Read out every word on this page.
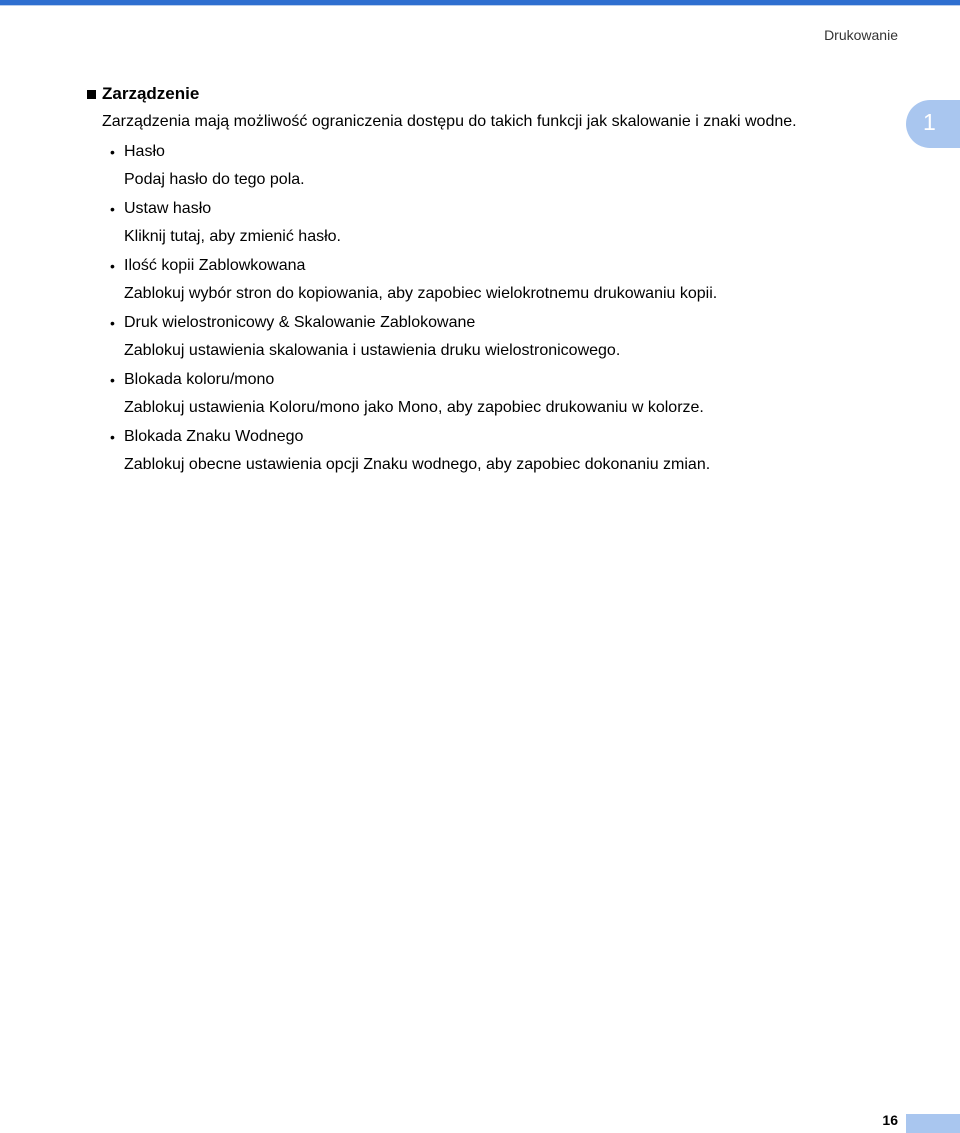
Drukowanie
1
Zarządzenie
Zarządzenia mają możliwość ograniczenia dostępu do takich funkcji jak skalowanie i znaki wodne.
• Hasło
Podaj hasło do tego pola.
• Ustaw hasło
Kliknij tutaj, aby zmienić hasło.
• Ilość kopii Zablowkowana
Zablokuj wybór stron do kopiowania, aby zapobiec wielokrotnemu drukowaniu kopii.
• Druk wielostronicowy & Skalowanie Zablokowane
Zablokuj ustawienia skalowania i ustawienia druku wielostronicowego.
• Blokada koloru/mono
Zablokuj ustawienia Koloru/mono jako Mono, aby zapobiec drukowaniu w kolorze.
• Blokada Znaku Wodnego
Zablokuj obecne ustawienia opcji Znaku wodnego, aby zapobiec dokonaniu zmian.
16
